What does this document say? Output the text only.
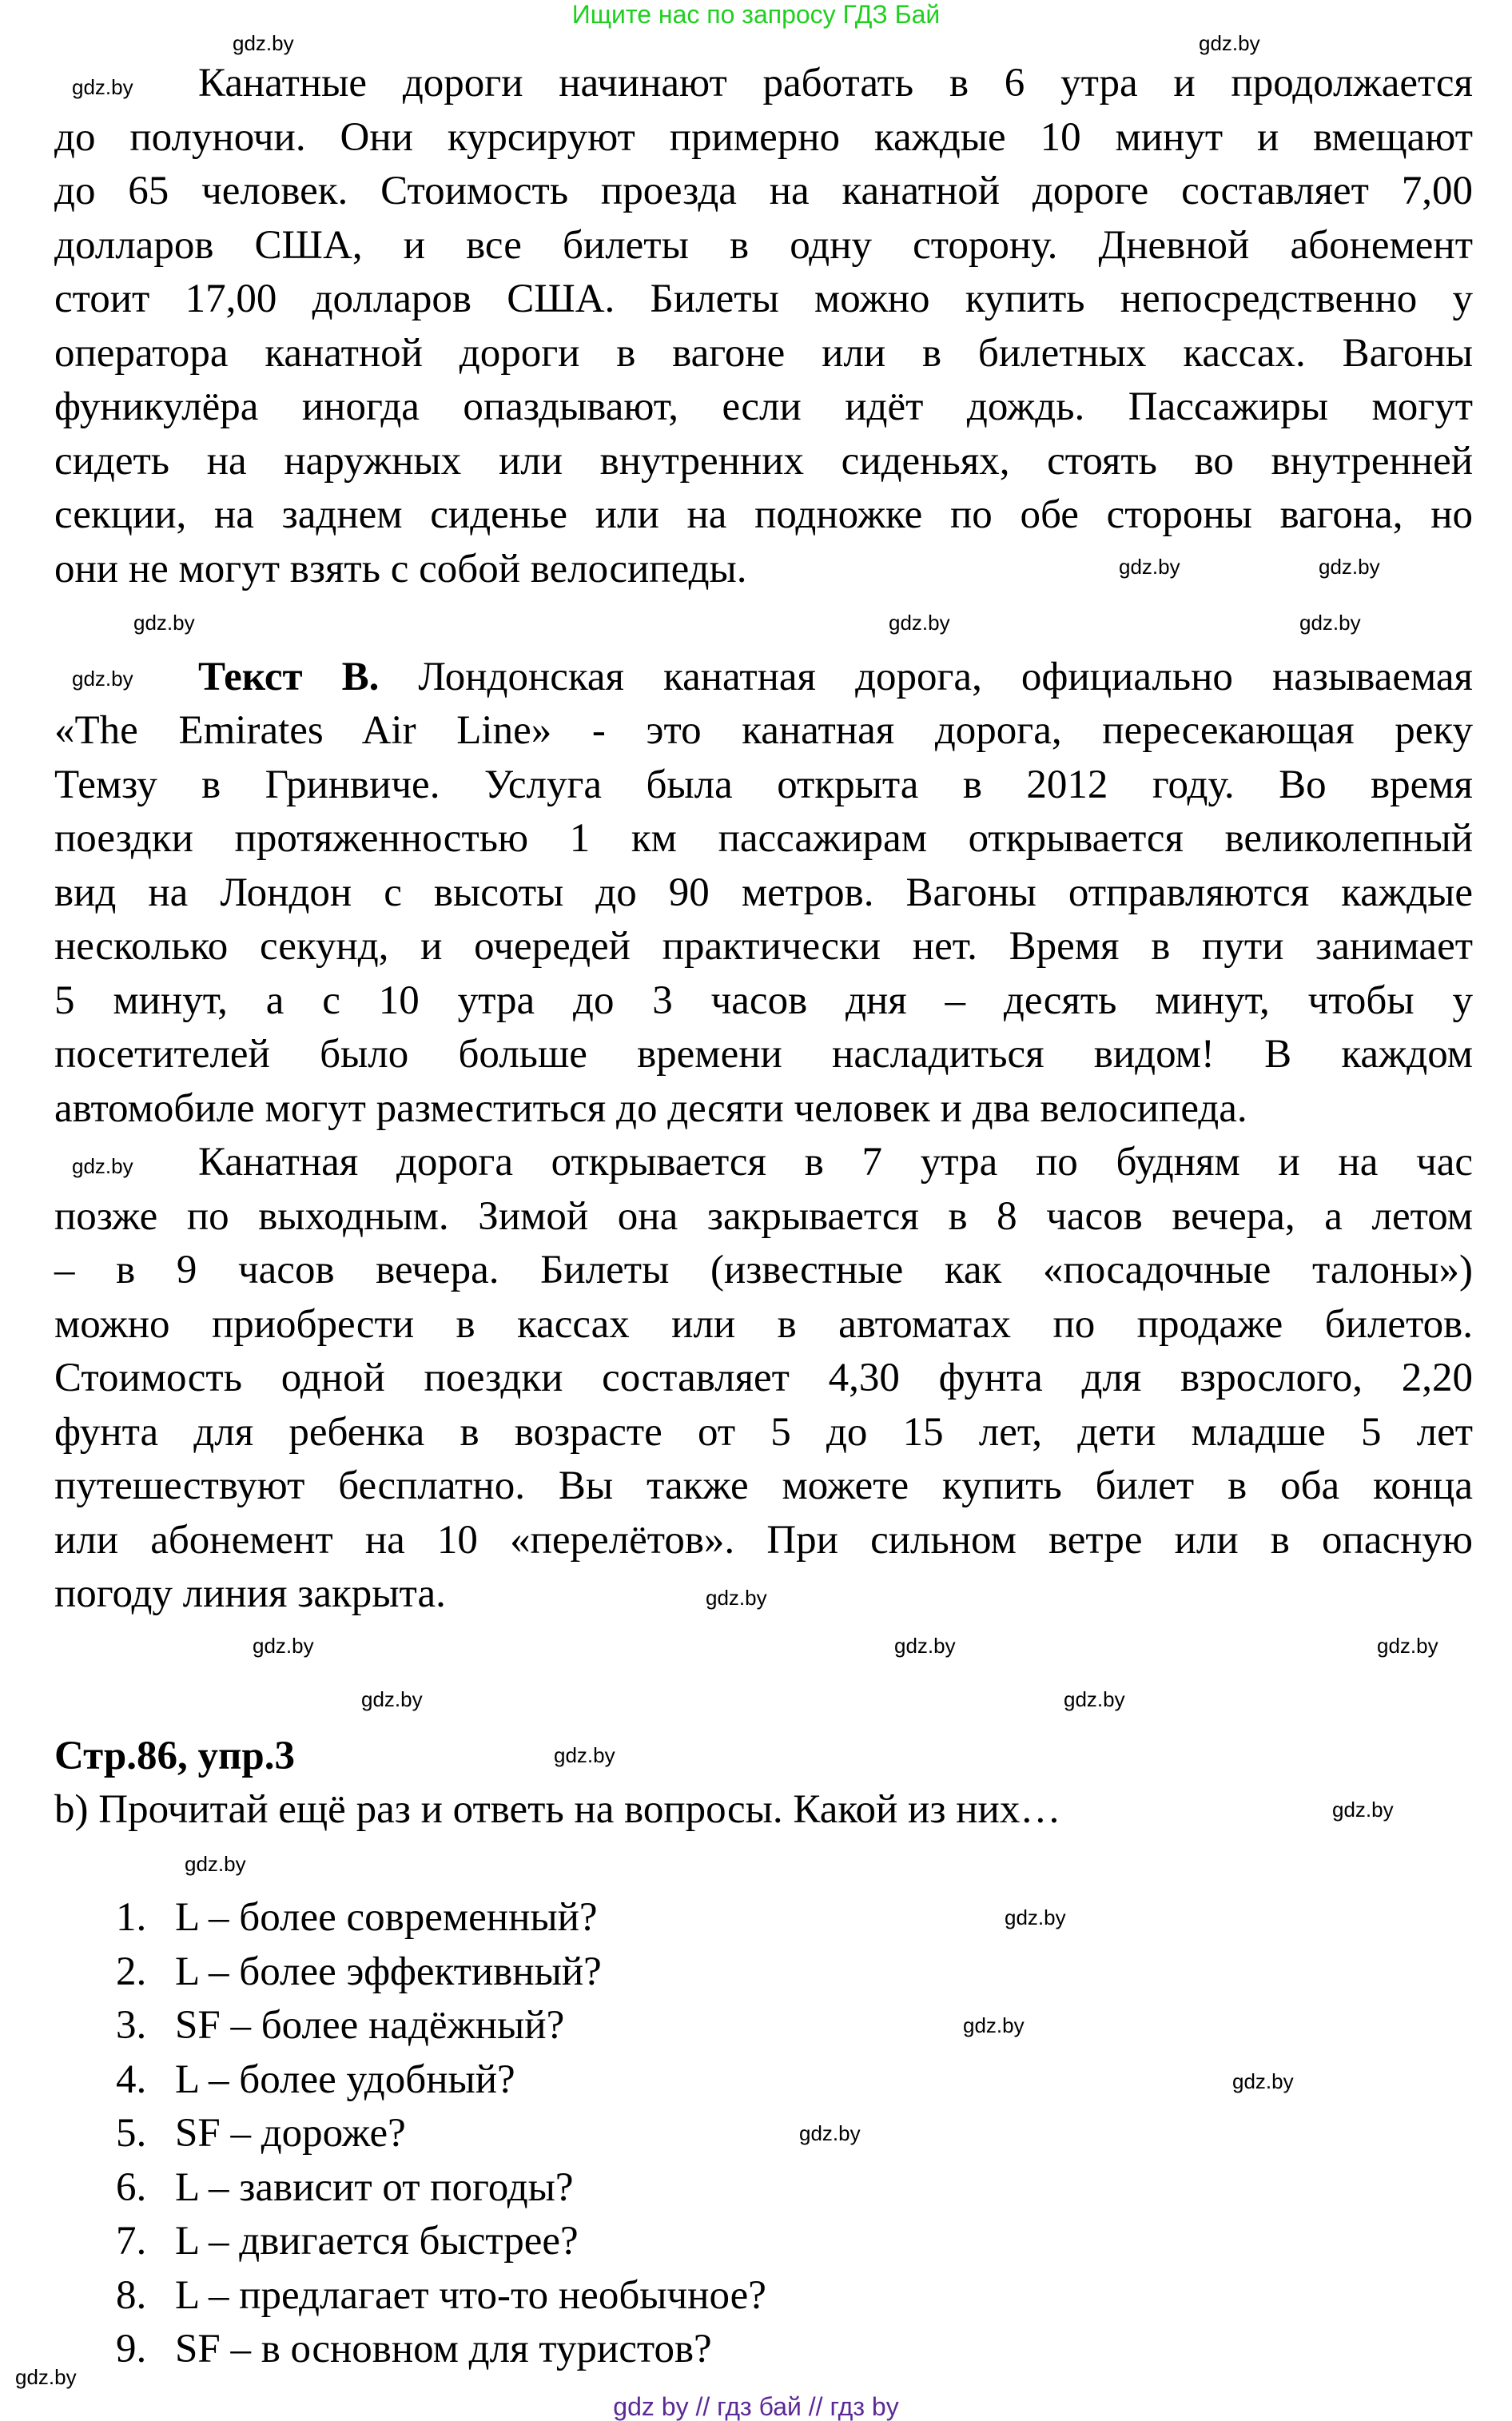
Ищите нас по запросу ГДЗ Бай
Канатные дороги начинают работать в 6 утра и продолжается
до полуночи. Они курсируют примерно каждые 10 минут и вмещают
до 65 человек. Стоимость проезда на канатной дороге составляет 7,00
долларов США, и все билеты в одну сторону. Дневной абонемент
стоит 17,00 долларов США. Билеты можно купить непосредственно у
оператора канатной дороги в вагоне или в билетных кассах. Вагоны
фуникулёра иногда опаздывают, если идёт дождь. Пассажиры могут
сидеть на наружных или внутренних сиденьях, стоять во внутренней
секции, на заднем сиденье или на подножке по обе стороны вагона, но
они не могут взять с собой велосипеды.

Текст B. Лондонская канатная дорога, официально называемая
«The Emirates Air Line» - это канатная дорога, пересекающая реку
Темзу в Гринвиче. Услуга была открыта в 2012 году. Во время
поездки протяженностью 1 км пассажирам открывается великолепный
вид на Лондон с высоты до 90 метров. Вагоны отправляются каждые
несколько секунд, и очередей практически нет. Время в пути занимает
5 минут, а с 10 утра до 3 часов дня – десять минут, чтобы у
посетителей было больше времени насладиться видом! В каждом
автомобиле могут разместиться до десяти человек и два велосипеда.
Канатная дорога открывается в 7 утра по будням и на час
позже по выходным. Зимой она закрывается в 8 часов вечера, а летом
– в 9 часов вечера. Билеты (известные как «посадочные талоны»)
можно приобрести в кассах или в автоматах по продаже билетов.
Стоимость одной поездки составляет 4,30 фунта для взрослого, 2,20
фунта для ребенка в возрасте от 5 до 15 лет, дети младше 5 лет
путешествуют бесплатно. Вы также можете купить билет в оба конца
или абонемент на 10 «перелётов». При сильном ветре или в опасную
погоду линия закрыта.

Стр.86, упр.3
b) Прочитай ещё раз и ответь на вопросы. Какой из них…

1. L – более современный?
2. L – более эффективный?
3. SF – более надёжный?
4. L – более удобный?
5. SF – дороже?
6. L – зависит от погоды?
7. L – двигается быстрее?
8. L – предлагает что-то необычное?
9. SF – в основном для туристов?
gdz.by	gdz.by
gdz.by
gdz.by	gdz.by
gdz.by	gdz.by	gdz.by
gdz.by
gdz.by
gdz.by
gdz.by	gdz.by	gdz.by
gdz.by	gdz.by
gdz.by
gdz.by
gdz.by
gdz.by
gdz.by
gdz.by
gdz.by
gdz.by
gdz by // гдз бай // гдз by
